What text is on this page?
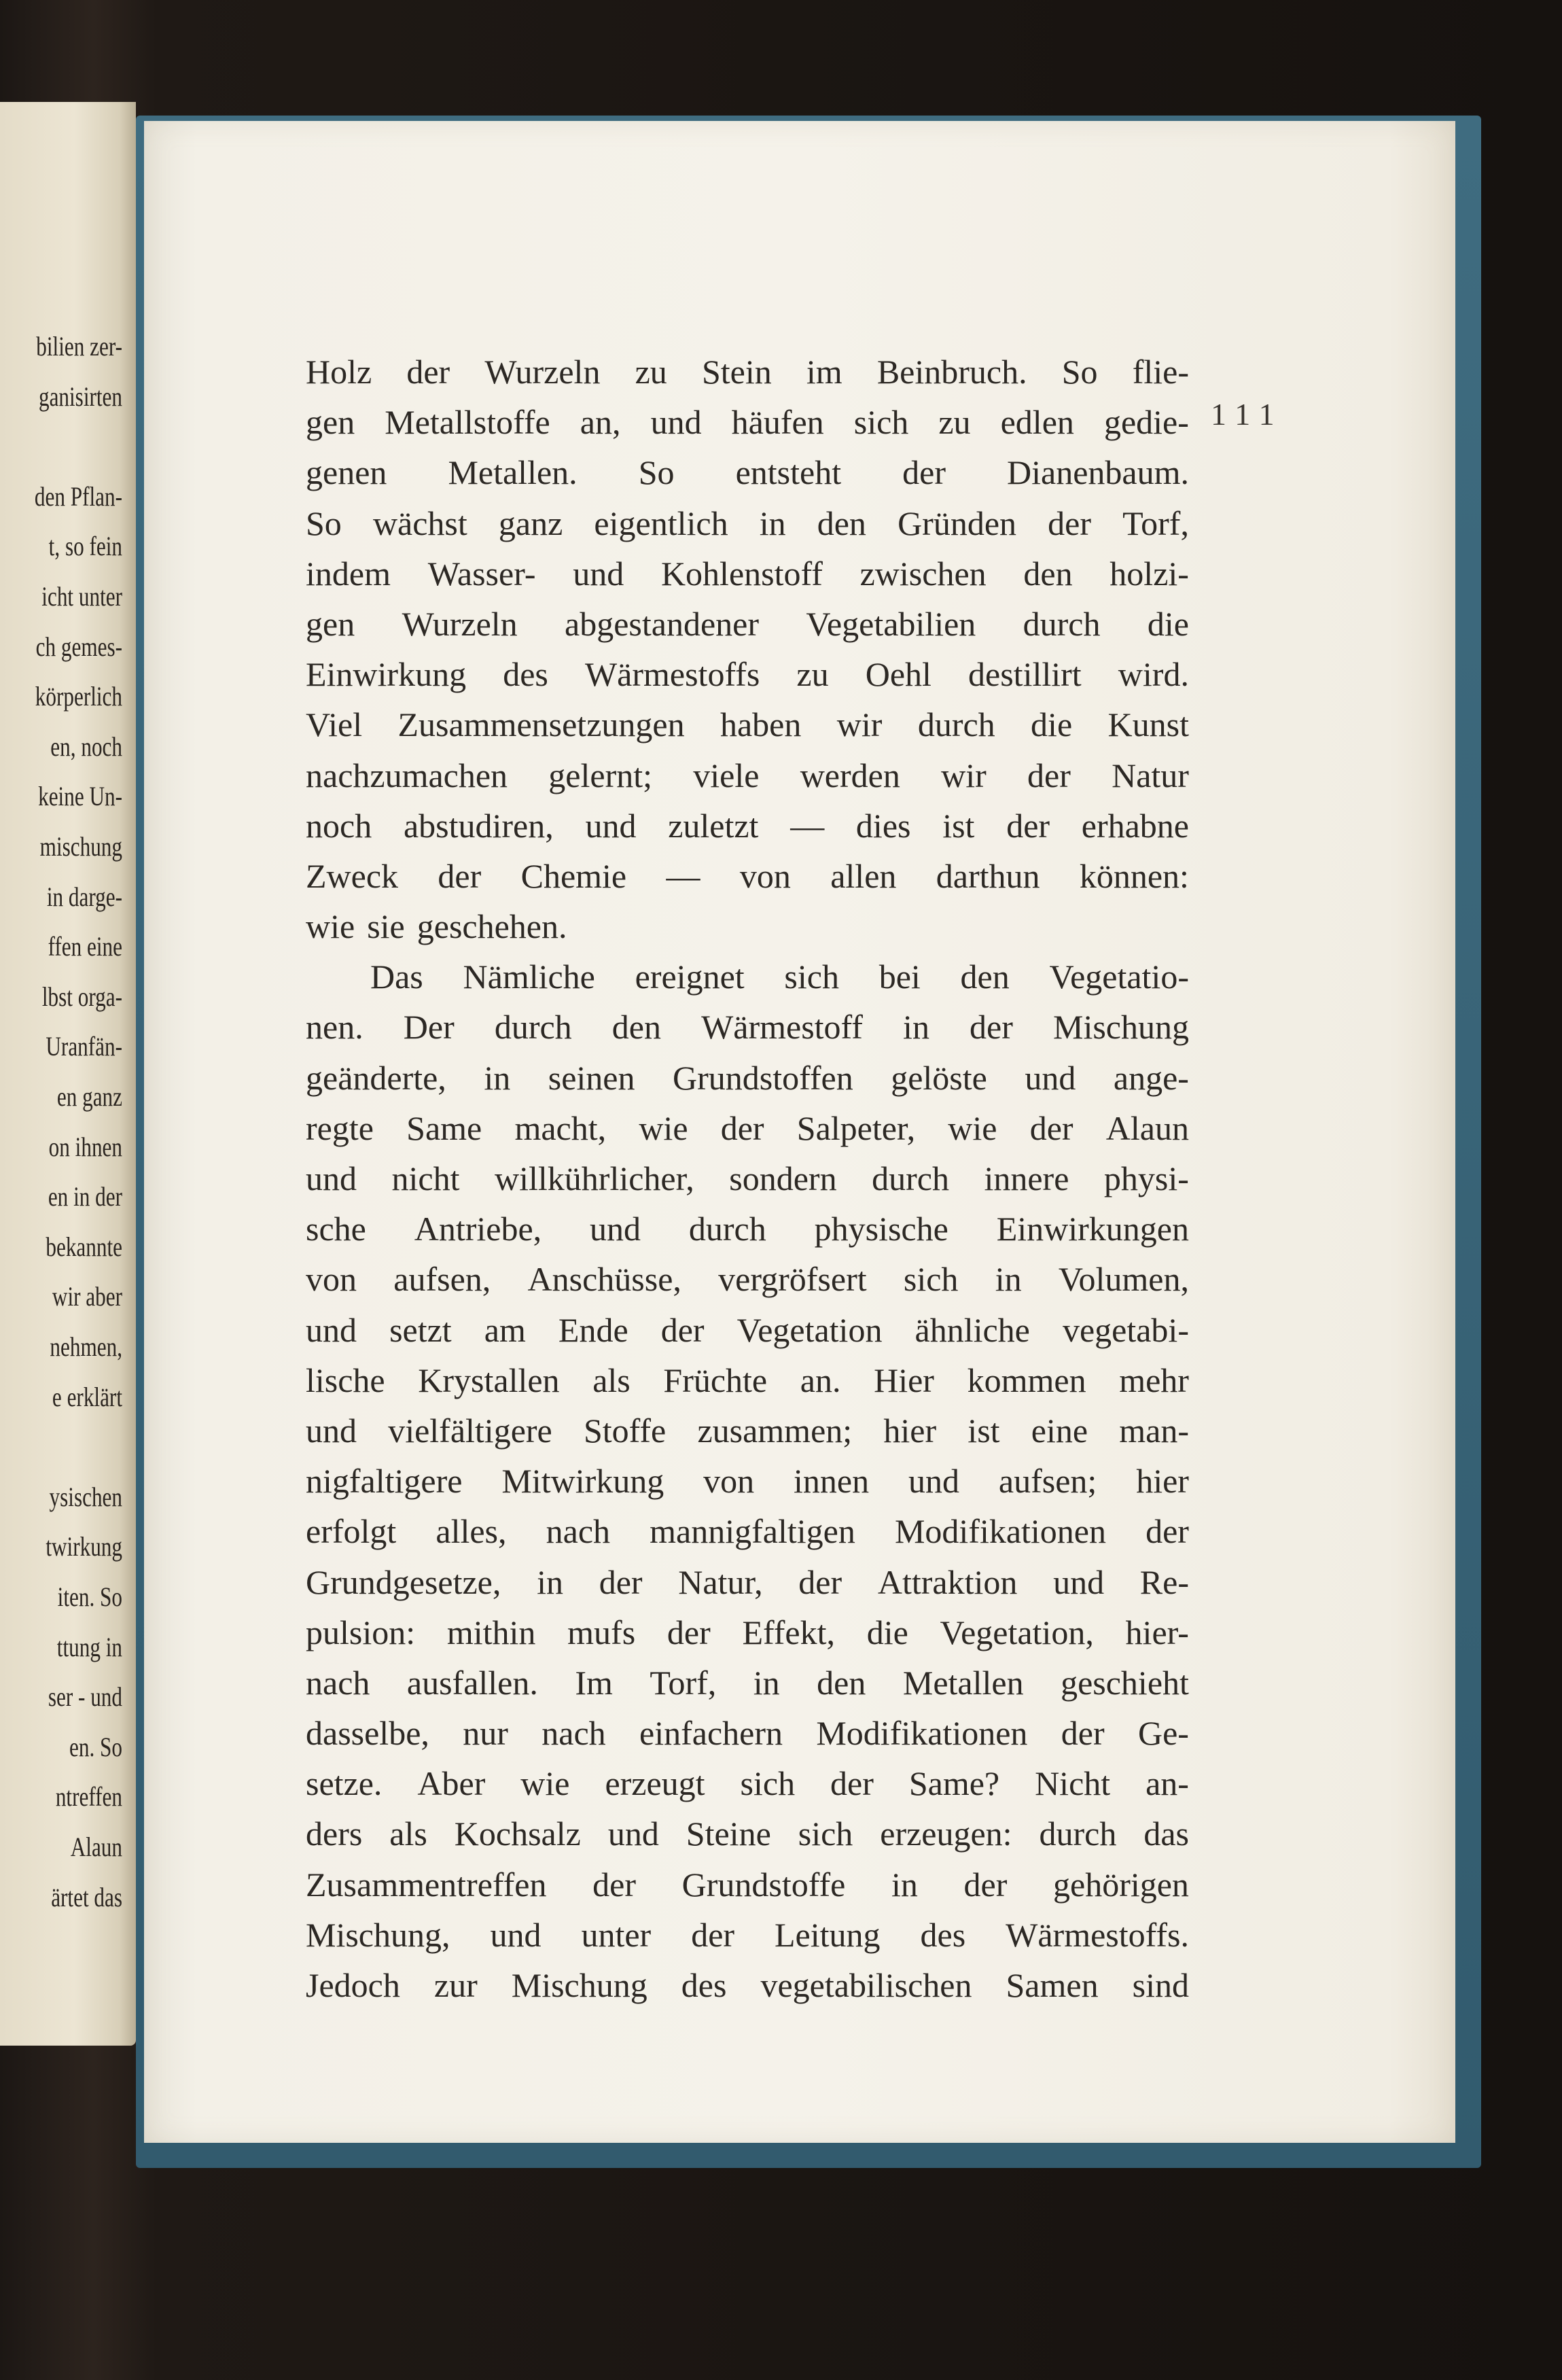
bilien zer-
ganisirten
den Pflan-
t, so fein
icht unter
ch gemes-
körperlich
en, noch
keine Un-
mischung
in darge-
ffen eine
lbst orga-
Uranfän-
en ganz
on ihnen
en in der
bekannte
wir aber
nehmen,
e erklärt
ysischen
twirkung
iten. So
ttung in
ser - und
en. So
ntreffen
Alaun
ärtet das
111
Holz der Wurzeln zu Stein im Beinbruch. So flie-
gen Metallstoffe an, und häufen sich zu edlen gedie-
genen Metallen. So entsteht der Dianenbaum.
So wächst ganz eigentlich in den Gründen der Torf,
indem Wasser- und Kohlenstoff zwischen den holzi-
gen Wurzeln abgestandener Vegetabilien durch die
Einwirkung des Wärmestoffs zu Oehl destillirt wird.
Viel Zusammensetzungen haben wir durch die Kunst
nachzumachen gelernt; viele werden wir der Natur
noch abstudiren, und zuletzt — dies ist der erhabne
Zweck der Chemie — von allen darthun können:
wie sie geschehen.
Das Nämliche ereignet sich bei den Vegetatio-
nen. Der durch den Wärmestoff in der Mischung
geänderte, in seinen Grundstoffen gelöste und ange-
regte Same macht, wie der Salpeter, wie der Alaun
und nicht willkührlicher, sondern durch innere physi-
sche Antriebe, und durch physische Einwirkungen
von aufsen, Anschüsse, vergröfsert sich in Volumen,
und setzt am Ende der Vegetation ähnliche vegetabi-
lische Krystallen als Früchte an. Hier kommen mehr
und vielfältigere Stoffe zusammen; hier ist eine man-
nigfaltigere Mitwirkung von innen und aufsen; hier
erfolgt alles, nach mannigfaltigen Modifikationen der
Grundgesetze, in der Natur, der Attraktion und Re-
pulsion: mithin mufs der Effekt, die Vegetation, hier-
nach ausfallen. Im Torf, in den Metallen geschieht
dasselbe, nur nach einfachern Modifikationen der Ge-
setze. Aber wie erzeugt sich der Same? Nicht an-
ders als Kochsalz und Steine sich erzeugen: durch das
Zusammentreffen der Grundstoffe in der gehörigen
Mischung, und unter der Leitung des Wärmestoffs.
Jedoch zur Mischung des vegetabilischen Samen sind
